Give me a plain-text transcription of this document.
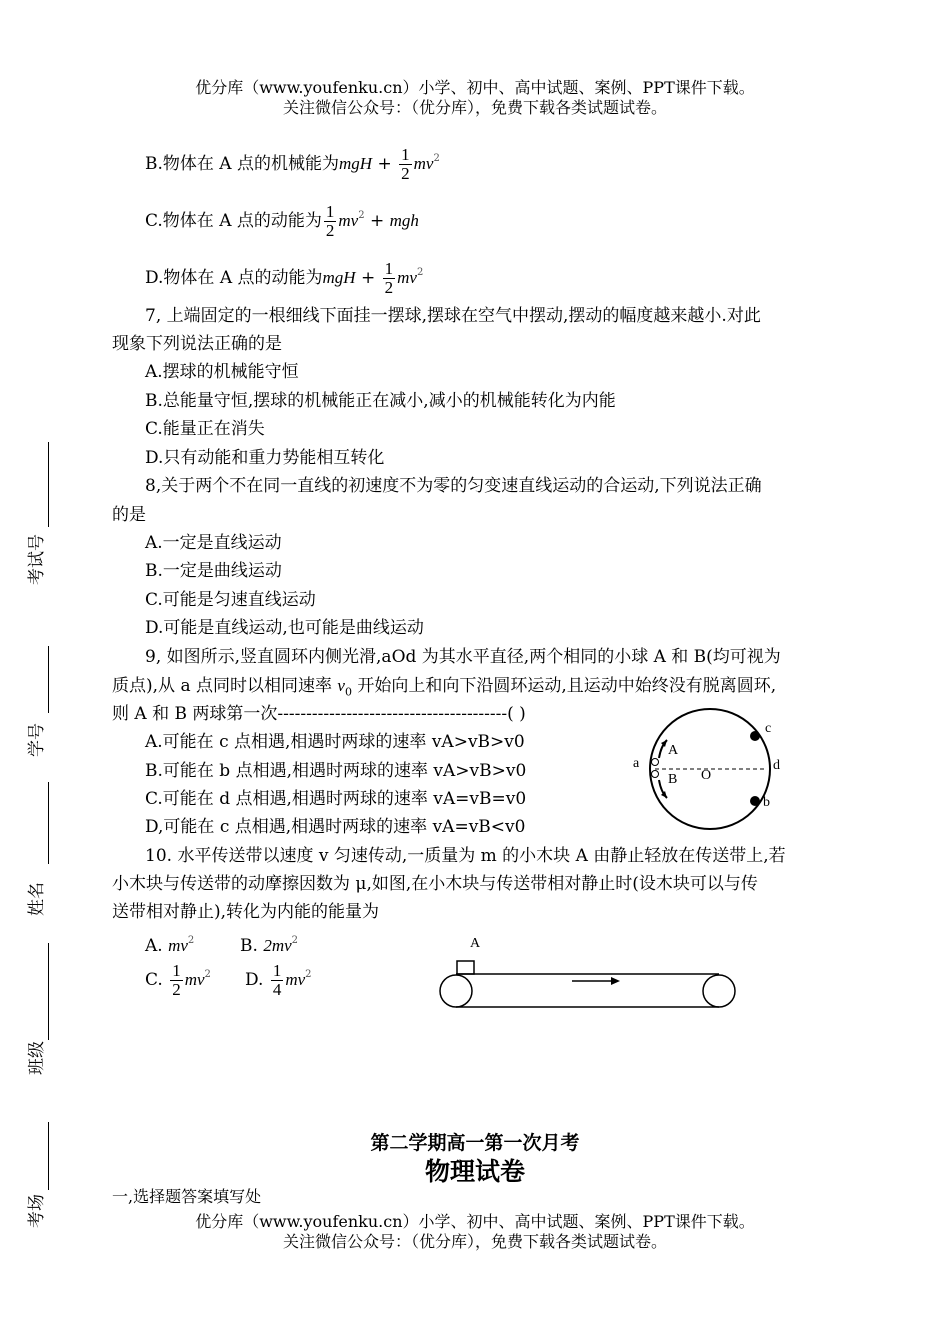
优分库（www.youfenku.cn）小学、初中、高中试题、案例、PPT课件下载。
关注微信公众号：（优分库），免费下载各类试题试卷。
B.物体在 A 点的机械能为mgH + $\frac{1}{2} mv^2$
C.物体在 A 点的动能为 $\frac{1}{2} mv^2$ + mgh
D.物体在 A 点的动能为mgH + $\frac{1}{2} mv^2$
7, 上端固定的一根细线下面挂一摆球,摆球在空气中摆动,摆动的幅度越来越小.对此
现象下列说法正确的是
A.摆球的机械能守恒
B.总能量守恒,摆球的机械能正在减小,减小的机械能转化为内能
C.能量正在消失
D.只有动能和重力势能相互转化
8,关于两个不在同一直线的初速度不为零的匀变速直线运动的合运动,下列说法正确
的是
A.一定是直线运动
B.一定是曲线运动
C.可能是匀速直线运动
D.可能是直线运动,也可能是曲线运动
9, 如图所示,竖直圆环内侧光滑,aOd 为其水平直径,两个相同的小球 A 和 B(均可视为
质点),从 a 点同时以相同速率 $v_0$ 开始向上和向下沿圆环运动,且运动中始终没有脱离圆环,
则 A 和 B 两球第一次----------------------------------------( )
A.可能在 c 点相遇,相遇时两球的速率 vA>vB>v0
B.可能在 b 点相遇,相遇时两球的速率 vA>vB>v0
C.可能在 d 点相遇,相遇时两球的速率 vA=vB=v0
D,可能在 c 点相遇,相遇时两球的速率 vA=vB<v0
a
A
B O
c
d
b
10. 水平传送带以速度 v 匀速传动,一质量为 m 的小木块 A 由静止轻放在传送带上,若
小木块与传送带的动摩擦因数为 μ,如图,在小木块与传送带相对静止时(设木块可以与传
送带相对静止),转化为内能的能量为
A. $mv^2$	B. $2mv^2$
C. $\frac{1}{2} mv^2$ D. $\frac{1}{4} mv^2$
A
考试号
学号
姓名
班级
考场
第二学期高一第一次月考
物理试卷
一,选择题答案填写处
优分库（www.youfenku.cn）小学、初中、高中试题、案例、PPT课件下载。
关注微信公众号：（优分库），免费下载各类试题试卷。
